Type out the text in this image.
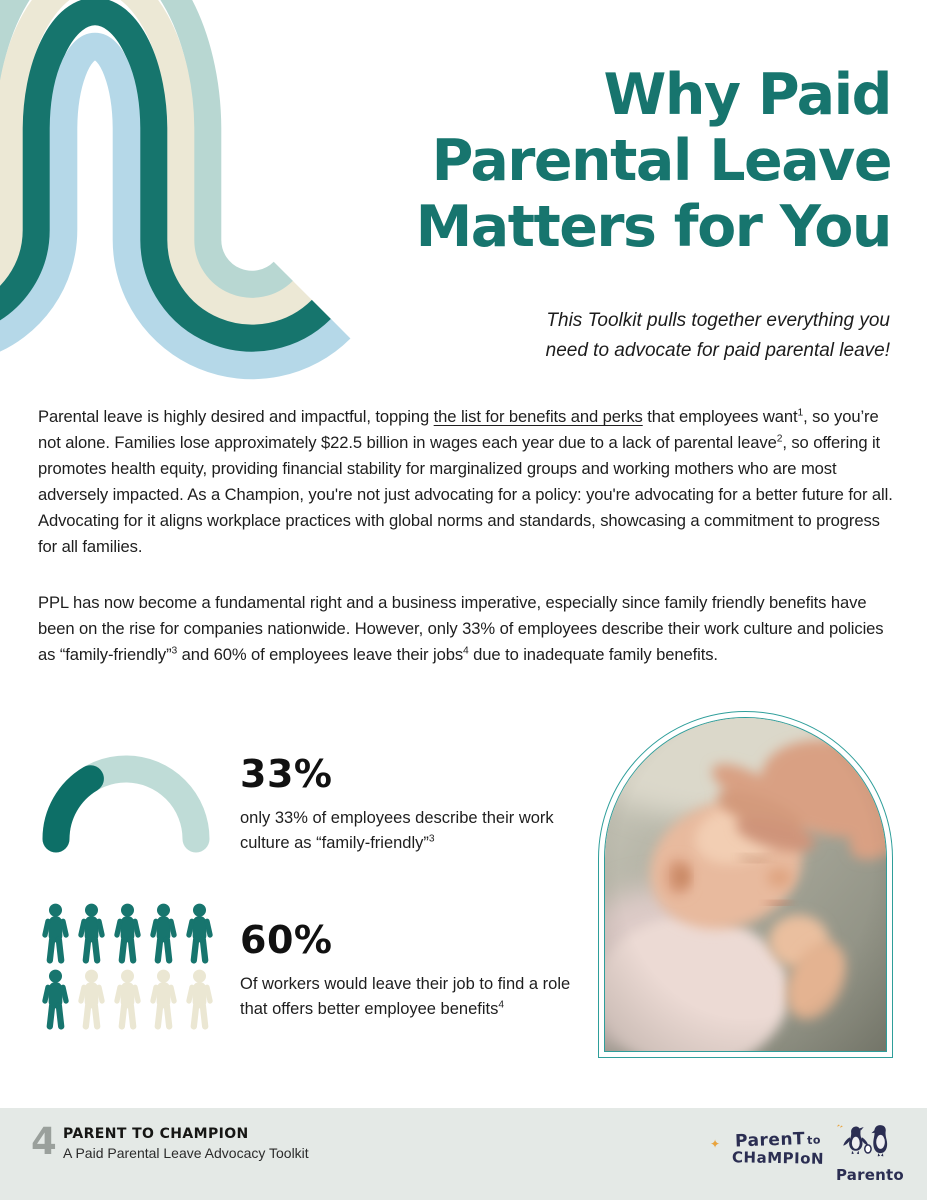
Why Paid
Parental Leave
Matters for You
This Toolkit pulls together everything you need to advocate for paid parental leave!

Parental leave is highly desired and impactful, topping the list for benefits and perks that employees want$^1$, so you’re not alone. Families lose approximately $22.5 billion in wages each year due to a lack of parental leave$^2$, so offering it promotes health equity, providing financial stability for marginalized groups and working mothers who are most adversely impacted. As a Champion, you're not just advocating for a policy: you're advocating for a better future for all. Advocating for it aligns workplace practices with global norms and standards, showcasing a commitment to progress for all families.

PPL has now become a fundamental right and a business imperative, especially since family friendly benefits have been on the rise for companies nationwide. However, only 33% of employees describe their work culture and policies as “family-friendly”$^3$ and 60% of employees leave their jobs$^4$ due to inadequate family benefits.

33%
only 33% of employees describe their work culture as “family-friendly”$^3$
60%
Of workers would leave their job to find a role that offers better employee benefits$^4$
4 PARENT TO CHAMPION
A Paid Parental Leave Advocacy Toolkit
✦
′′
ParenTto
CHaMPIoN
Parento
